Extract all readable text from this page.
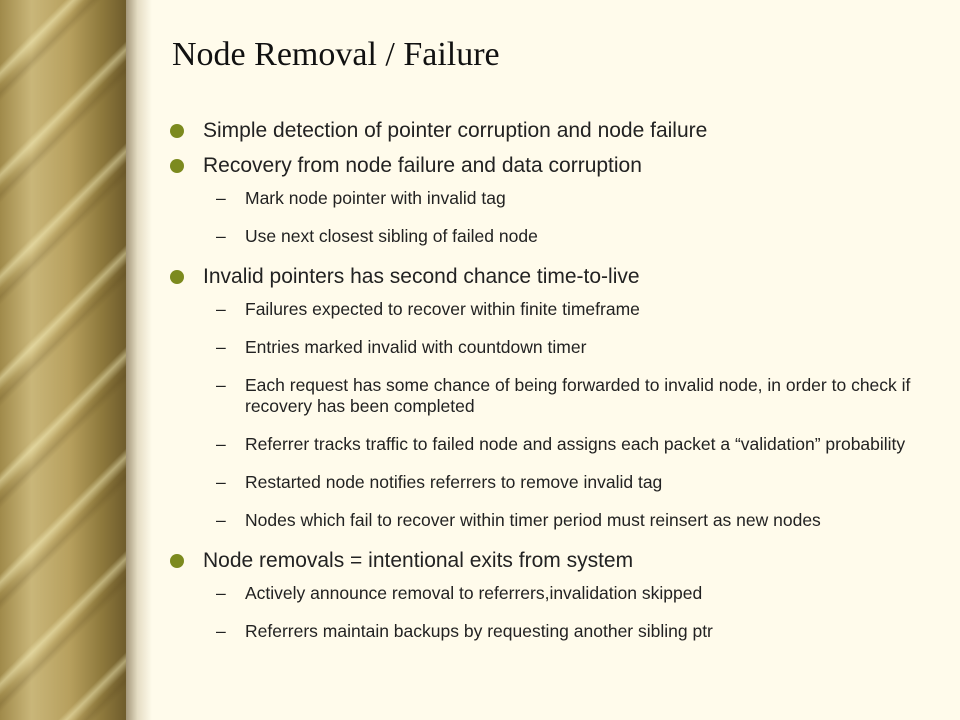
Node Removal / Failure
Simple detection of pointer corruption and node failure
Recovery from node failure and data corruption
– Mark node pointer with invalid tag
– Use next closest sibling of failed node
Invalid pointers has second chance time-to-live
– Failures expected to recover within finite timeframe
– Entries marked invalid with countdown timer
– Each request has some chance of being forwarded to invalid node, in order to check if recovery has been completed
– Referrer tracks traffic to failed node and assigns each packet a “validation” probability
– Restarted node notifies referrers to remove invalid tag
– Nodes which fail to recover within timer period must reinsert as new nodes
Node removals = intentional exits from system
– Actively announce removal to referrers,invalidation skipped
– Referrers maintain backups by requesting another sibling ptr
